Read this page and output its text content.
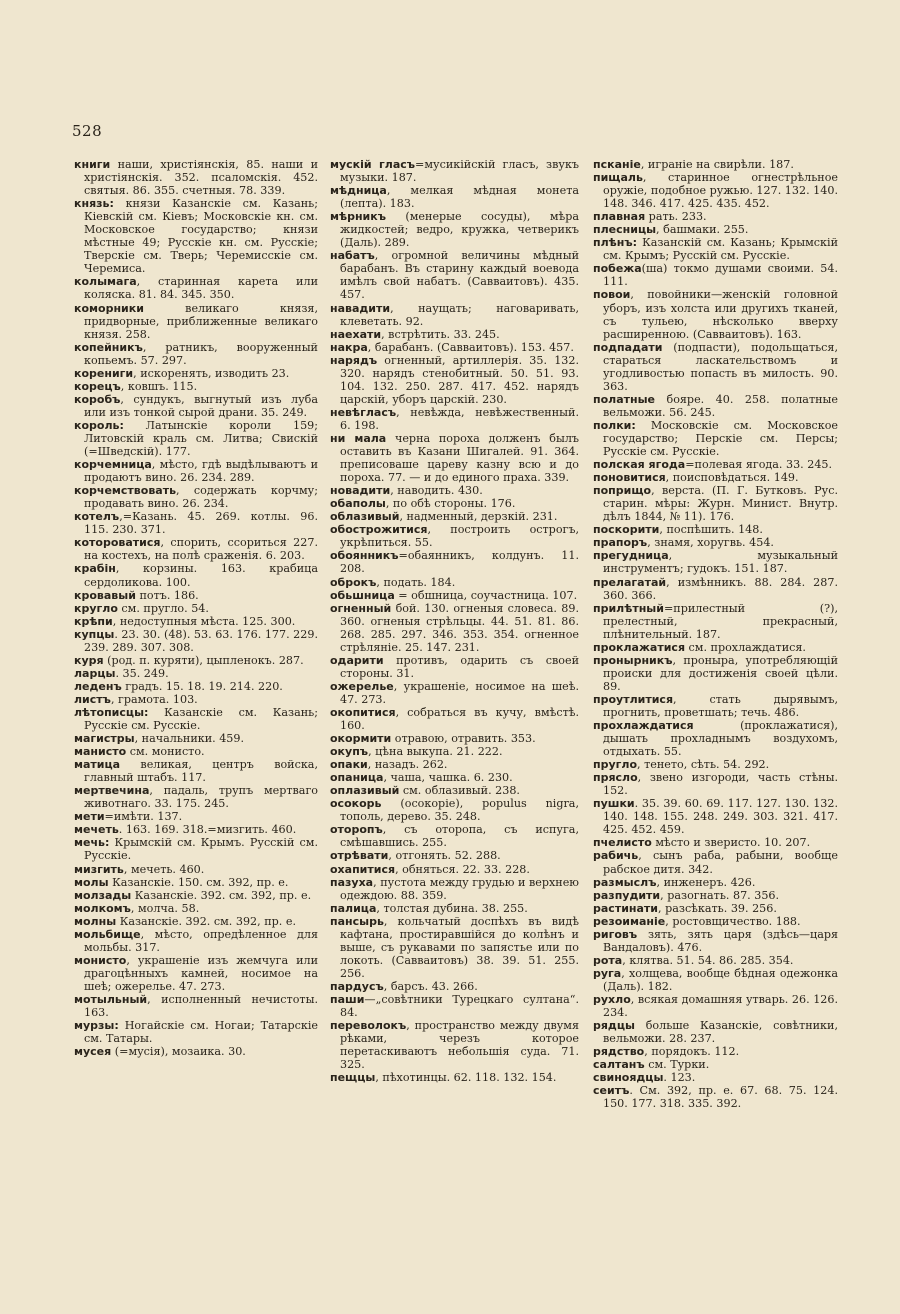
528

книги наши, христіянскія, 85. наши и христіянскія. 352. псаломскія. 452. святыя. 86. 355. счетныя. 78. 339.

князь: князи Казанскіе см. Казань; Кіевскій см. Кіевъ; Московскіе кн. см. Московское государство; князи мѣстные 49; Русскіе кн. см. Русскіе; Тверскіе см. Тверь; Черемисскіе см. Черемиса.

колымага, старинная карета или коляска. 81. 84. 345. 350.

коморники великаго князя, придворные, приближенные великаго князя. 258.

копейникъ, ратникъ, вооруженный копьемъ. 57. 297.

корениги, искоренять, изводить 23.

корецъ, ковшъ. 115.

коробъ, сундукъ, выгнутый изъ луба или изъ тонкой сырой драни. 35. 249.

король: Латынскіе короли 159; Литовскій краль см. Литва; Свискій (=Шведскій). 177.

корчемница, мѣсто, гдѣ выдѣлываютъ и продаютъ вино. 26. 234. 289.

корчемствовать, содержать корчму; продавать вино. 26. 234.

котелъ,=Казань. 45. 269. котлы. 96. 115. 230. 371.

котороватися, спорить, ссориться 227. на костехъ, на полѣ сраженія. 6. 203.

крабін, корзины. 163. крабица сердоликова. 100.

кровавый потъ. 186.

кругло см. пругло. 54.

крѣпи, недоступныя мѣста. 125. 300.

купцы. 23. 30. (48). 53. 63. 176. 177. 229. 239. 289. 307. 308.

куря (род. п. куряти), цыпленокъ. 287.

ларцы. 35. 249.

леденъ градъ. 15. 18. 19. 214. 220.

листъ, грамота. 103.

лѣтописцы: Казанскіе см. Казань; Русскіе см. Русскіе.

магистры, начальники. 459.

манисто см. монисто.

матица великая, центръ войска, главный штабъ. 117.

мертвечина, падаль, трупъ мертваго животнаго. 33. 175. 245.

мети=имѣти. 137.

мечеть. 163. 169. 318.=мизгить. 460.

мечь: Крымскій см. Крымъ. Русскій см. Русскіе.

мизгить, мечеть. 460.

молы Казанскіе. 150. см. 392, пр. е.

молзады Казанскіе. 392. см. 392, пр. е.

молкомъ, молча. 58.

молны Казанскіе. 392. см. 392, пр. е.

мольбище, мѣсто, опредѣленное для мольбы. 317.

монисто, украшеніе изъ жемчуга или драгоцѣнныхъ камней, носимое на шеѣ; ожерелье. 47. 273.

мотыльный, исполненный нечистоты. 163.

мурзы: Ногайскіе см. Ногаи; Татарскіе см. Татары.

мусея (=мусія), мозаика. 30.

мускій гласъ=мусикійскій гласъ, звукъ музыки. 187.

мѣдница, мелкая мѣдная монета (лепта). 183.

мѣрникъ (менерые сосуды), мѣра жидкостей; ведро, кружка, четверикъ (Даль). 289.

набатъ, огромной величины мѣдный барабанъ. Въ старину каждый воевода имѣлъ свой набатъ. (Савваитовъ). 435. 457.

навадити, наущать; наговаривать, клеветать. 92.

наехати, встрѣтить. 33. 245.

накра, барабанъ. (Савваитовъ). 153. 457.

нарядъ огненный, артиллерія. 35. 132. 320. нарядъ стенобитный. 50. 51. 93. 104. 132. 250. 287. 417. 452. нарядъ царскій, уборъ царскій. 230.

невѣгласъ, невѣжда, невѣжественный. 6. 198.

ни мала черна пороха долженъ былъ оставить въ Казани Шигалей. 91. 364. преписоваше цареву казну всю и до пороха. 77. — и до единого праха. 339.

новадити, наводить. 430.

обаполы, по обѣ стороны. 176.

облазивый, надменный, дерзкій. 231.

обострожитися, построить острогъ, укрѣпиться. 55.

обоянникъ=обаянникъ, колдунъ. 11. 208.

оброкъ, подать. 184.

обьшница = обшница, соучастница. 107.

огненный бой. 130. огненыя словеса. 89. 360. огненыя стрѣльцы. 44. 51. 81. 86. 268. 285. 297. 346. 353. 354. огненное стрѣляніе. 25. 147. 231.

одарити противъ, одарить съ своей стороны. 31.

ожерелье, украшеніе, носимое на шеѣ. 47. 273.

окопитися, собраться въ кучу, вмѣстѣ. 160.

окормити отравою, отравить. 353.

окупъ, цѣна выкупа. 21. 222.

опаки, назадъ. 262.

опаница, чаша, чашка. 6. 230.

оплазивый см. облазивый. 238.

осокорь (осокоріе), populus nigra, тополь, дерево. 35. 248.

оторопъ, съ оторопа, съ испуга, смѣшавшись. 255.

отрѣвати, отгонять. 52. 288.

охапитися, обняться. 22. 33. 228.

пазуха, пустота между грудью и верхнею одеждою. 88. 359.

палица, толстая дубина. 38. 255.

пансырь, кольчатый доспѣхъ въ видѣ кафтана, простиравшійся до колѣнъ и выше, съ рукавами по запястье или по локоть. (Савваитовъ) 38. 39. 51. 255. 256.

пардусъ, барсъ. 43. 266.

паши—„совѣтники Турецкаго султана“. 84.

переволокъ, пространство между двумя рѣками, черезъ которое перетаскиваютъ небольшія суда. 71. 325.

пещцы, пѣхотинцы. 62. 118. 132. 154.

псканіе, играніе на свирѣли. 187.

пищаль, старинное огнестрѣльное оружіе, подобное ружью. 127. 132. 140. 148. 346. 417. 425. 435. 452.

плавная рать. 233.

плесницы, башмаки. 255.

плѣнъ: Казанскій см. Казань; Крымскій см. Крымъ; Русскій см. Русскіе.

побежа(ша) токмо душами своими. 54. 111.

повои, повойники—женскій головной уборъ, изъ холста или другихъ тканей, съ тульею, нѣсколько вверху расширенною. (Савваитовъ). 163.

подпадати (подпасти), подольщаться, стараться ласкательствомъ и угодливостью попасть въ милость. 90. 363.

полатные бояре. 40. 258. полатные вельможи. 56. 245.

полки: Московскіе см. Московское государство; Перскіе см. Персы; Русскіе см. Русскіе.

полская ягода=полевая ягода. 33. 245.

поновитися, поисповѣдаться. 149.

поприщо, верста. (П. Г. Бутковъ. Рус. старин. мѣры: Журн. Минист. Внутр. дѣлъ 1844, № 11). 176.

поскорити, поспѣшить. 148.

прапоръ, знамя, хоругвь. 454.

прегудница, музыкальный инструментъ; гудокъ. 151. 187.

прелагатай, измѣнникъ. 88. 284. 287. 360. 366.

прилѣтный=прилестный (?), прелестный, прекрасный, плѣнительный. 187.

проклажатися см. прохлаждатися.

пронырникъ, пронырa, употребляющій происки для достиженія своей цѣли. 89.

проутлитися, стать дырявымъ, прогнить, проветшать; течь. 486.

прохлаждатися (проклажатися), дышать прохладнымъ воздухомъ, отдыхать. 55.

пругло, тенето, сѣть. 54. 292.

прясло, звено изгороди, часть стѣны. 152.

пушки. 35. 39. 60. 69. 117. 127. 130. 132. 140. 148. 155. 248. 249. 303. 321. 417. 425. 452. 459.

пчелисто мѣсто и зверисто. 10. 207.

рабичь, сынъ раба, рабыни, вообще рабское дитя. 342.

размыслъ, инженеръ. 426.

разпудити, разогнать. 87. 356.

растинати, разсѣкать. 39. 256.

резоиманіе, ростовщичество. 188.

риговъ зять, зять царя (здѣсь—царя Вандаловъ). 476.

рота, клятва. 51. 54. 86. 285. 354.

руга, холщева, вообще бѣдная одежонка (Даль). 182.

рухло, всякая домашняя утварь. 26. 126. 234.

рядцы больше Казанскіе, совѣтники, вельможи. 28. 237.

рядство, порядокъ. 112.

салтанъ см. Турки.

свиноядцы. 123.

сеитъ. См. 392, пр. е. 67. 68. 75. 124. 150. 177. 318. 335. 392.
